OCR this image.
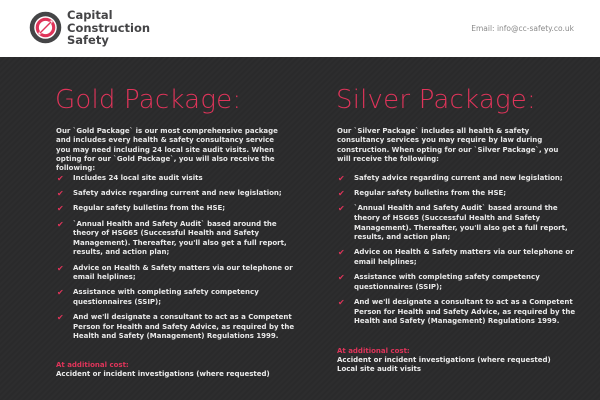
Capital
Construction
Safety
Email: info@cc-safety.co.uk
Gold Package:
Our `Gold Package` is our most comprehensive package and includes every health & safety consultancy service you may need including 24 local site audit visits. When opting for our `Gold Package`, you will also receive the following:
✔ Includes 24 local site audit visits
✔ Safety advice regarding current and new legislation;
✔ Regular safety bulletins from the HSE;
✔ `Annual Health and Safety Audit` based around the theory of HSG65 (Successful Health and Safety Management). Thereafter, you'll also get a full report, results, and action plan;
✔ Advice on Health & Safety matters via our telephone or email helplines;
✔ Assistance with completing safety competency questionnaires (SSIP);
✔ And we'll designate a consultant to act as a Competent Person for Health and Safety Advice, as required by the Health and Safety (Management) Regulations 1999.
At additional cost:
Accident or incident investigations (where requested)
Silver Package:
Our `Silver Package` includes all health & safety consultancy services you may require by law during construction. When opting for our `Silver Package`, you will receive the following:
✔ Safety advice regarding current and new legislation;
✔ Regular safety bulletins from the HSE;
✔ `Annual Health and Safety Audit` based around the theory of HSG65 (Successful Health and Safety Management). Thereafter, you'll also get a full report, results, and action plan;
✔ Advice on Health & Safety matters via our telephone or email helplines;
✔ Assistance with completing safety competency questionnaires (SSIP);
✔ And we'll designate a consultant to act as a Competent Person for Health and Safety Advice, as required by the Health and Safety (Management) Regulations 1999.
At additional cost:
Accident or incident investigations (where requested)
Local site audit visits
